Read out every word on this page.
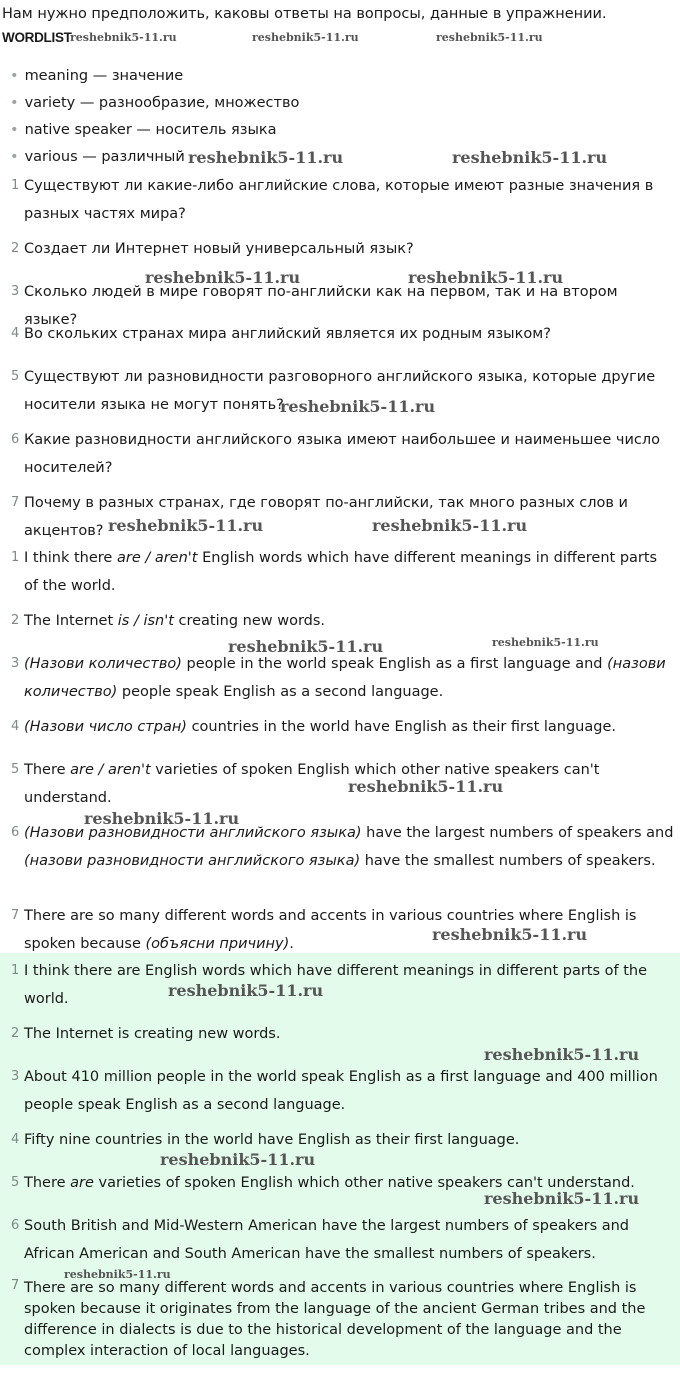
Нам нужно предположить, каковы ответы на вопросы, данные в упражнении.
WORDLIST
• meaning — значение
• variety — разнообразие, множество
• native speaker — носитель языка
• various — различный
1 Существуют ли какие-либо английские слова, которые имеют разные значения в разных частях мира?
2 Создает ли Интернет новый универсальный язык?
3 Сколько людей в мире говорят по-английски как на первом, так и на втором языке?
4 Во скольких странах мира английский является их родным языком?
5 Существуют ли разновидности разговорного английского языка, которые другие носители языка не могут понять?
6 Какие разновидности английского языка имеют наибольшее и наименьшее число носителей?
7 Почему в разных странах, где говорят по-английски, так много разных слов и акцентов?
1 I think there are / aren't English words which have different meanings in different parts of the world.
2 The Internet is / isn't creating new words.
3 (Назови количество) people in the world speak English as a first language and (назови количество) people speak English as a second language.
4 (Назови число стран) countries in the world have English as their first language.
5 There are / aren't varieties of spoken English which other native speakers can't understand.
6 (Назови разновидности английского языка) have the largest numbers of speakers and (назови разновидности английского языка) have the smallest numbers of speakers.
7 There are so many different words and accents in various countries where English is spoken because (объясни причину).
1 I think there are English words which have different meanings in different parts of the world.
2 The Internet is creating new words.
3 About 410 million people in the world speak English as a first language and 400 million people speak English as a second language.
4 Fifty nine countries in the world have English as their first language.
5 There are varieties of spoken English which other native speakers can't understand.
6 South British and Mid-Western American have the largest numbers of speakers and African American and South American have the smallest numbers of speakers.
7 There are so many different words and accents in various countries where English is spoken because it originates from the language of the ancient German tribes and the difference in dialects is due to the historical development of the language and the complex interaction of local languages.
reshebnik5-11.ru	reshebnik5-11.ru	reshebnik5-11.ru
reshebnik5-11.ru	reshebnik5-11.ru
reshebnik5-11.ru	reshebnik5-11.ru
reshebnik5-11.ru
reshebnik5-11.ru	reshebnik5-11.ru
reshebnik5-11.ru	reshebnik5-11.ru
reshebnik5-11.ru
reshebnik5-11.ru
reshebnik5-11.ru
reshebnik5-11.ru
reshebnik5-11.ru
reshebnik5-11.ru
reshebnik5-11.ru
reshebnik5-11.ru
